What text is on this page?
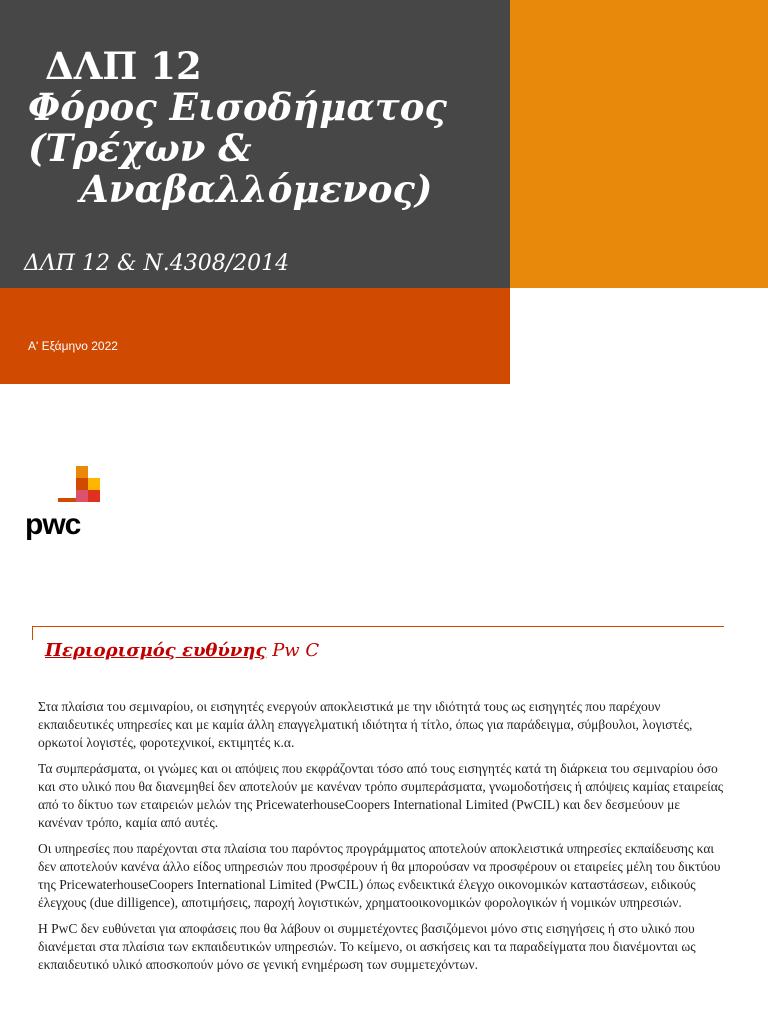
ΔΛΠ 12
Φόρος Εισοδήματος
(Τρέχων &
Αναβαλλόμενος)
ΔΛΠ 12 & Ν.4308/2014
Α' Εξάμηνο 2022
pwc
Περιορισμός ευθύνης Pw C

Στα πλαίσια του σεμιναρίου, οι εισηγητές ενεργούν αποκλειστικά με την ιδιότητά τους ως εισηγητές που παρέχουν εκπαιδευτικές υπηρεσίες και με καμία άλλη επαγγελματική ιδιότητα ή τίτλο, όπως για παράδειγμα, σύμβουλοι, λογιστές, ορκωτοί λογιστές, φοροτεχνικοί, εκτιμητές κ.α.

Τα συμπεράσματα, οι γνώμες και οι απόψεις που εκφράζονται τόσο από τους εισηγητές κατά τη διάρκεια του σεμιναρίου όσο και στο υλικό που θα διανεμηθεί δεν αποτελούν με κανέναν τρόπο συμπεράσματα, γνωμοδοτήσεις ή απόψεις καμίας εταιρείας από το δίκτυο των εταιρειών μελών της PricewaterhouseCoopers International Limited (PwCIL) και δεν δεσμεύουν με κανέναν τρόπο, καμία από αυτές.

Οι υπηρεσίες που παρέχονται στα πλαίσια του παρόντος προγράμματος αποτελούν αποκλειστικά υπηρεσίες εκπαίδευσης και δεν αποτελούν κανένα άλλο είδος υπηρεσιών που προσφέρουν ή θα μπορούσαν να προσφέρουν οι εταιρείες μέλη του δικτύου της PricewaterhouseCoopers International Limited (PwCIL) όπως ενδεικτικά έλεγχο οικονομικών καταστάσεων, ειδικούς έλεγχους (due dilligence), αποτιμήσεις, παροχή λογιστικών, χρηματοοικονομικών φορολογικών ή νομικών υπηρεσιών.

Η PwC δεν ευθύνεται για αποφάσεις που θα λάβουν οι συμμετέχοντες βασιζόμενοι μόνο στις εισηγήσεις ή στο υλικό που διανέμεται στα πλαίσια των εκπαιδευτικών υπηρεσιών. Το κείμενο, οι ασκήσεις και τα παραδείγματα που διανέμονται ως εκπαιδευτικό υλικό αποσκοπούν μόνο σε γενική ενημέρωση των συμμετεχόντων.
